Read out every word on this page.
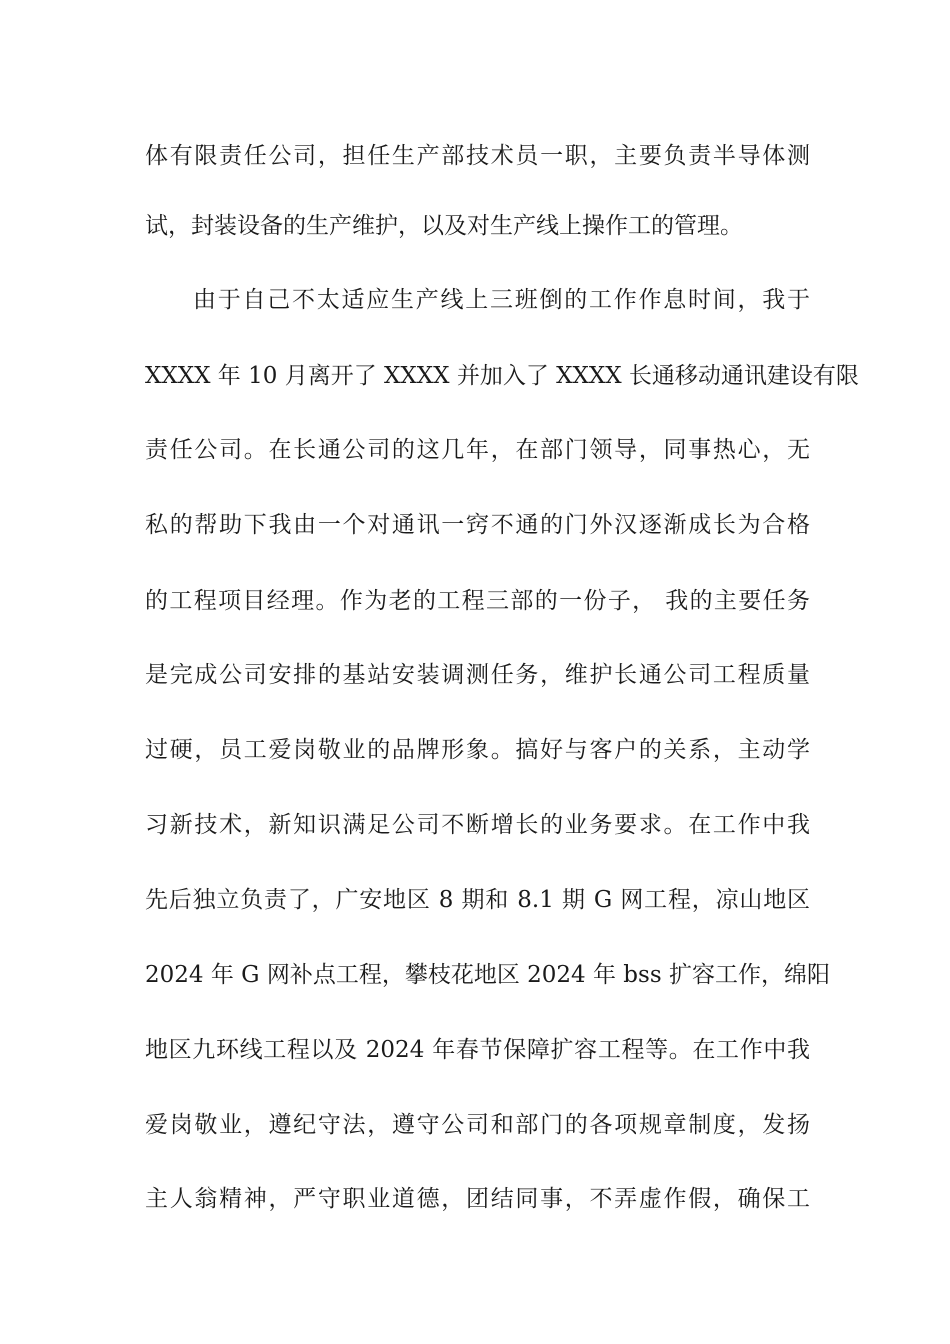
体有限责任公司，担任生产部技术员一职，主要负责半导体测
试，封装设备的生产维护，以及对生产线上操作工的管理。
由于自己不太适应生产线上三班倒的工作作息时间，我于
XXXX 年 10 月离开了 XXXX 并加入了 XXXX 长通移动通讯建设有限
责任公司。在长通公司的这几年，在部门领导，同事热心，无
私的帮助下我由一个对通讯一窍不通的门外汉逐渐成长为合格
的工程项目经理。作为老的工程三部的一份子， 我的主要任务
是完成公司安排的基站安装调测任务，维护长通公司工程质量
过硬，员工爱岗敬业的品牌形象。搞好与客户的关系，主动学
习新技术，新知识满足公司不断增长的业务要求。在工作中我
先后独立负责了，广安地区 8 期和 8.1 期 G 网工程，凉山地区
2024 年 G 网补点工程，攀枝花地区 2024 年 bss 扩容工作，绵阳
地区九环线工程以及 2024 年春节保障扩容工程等。在工作中我
爱岗敬业，遵纪守法，遵守公司和部门的各项规章制度，发扬
主人翁精神，严守职业道德，团结同事，不弄虚作假，确保工
